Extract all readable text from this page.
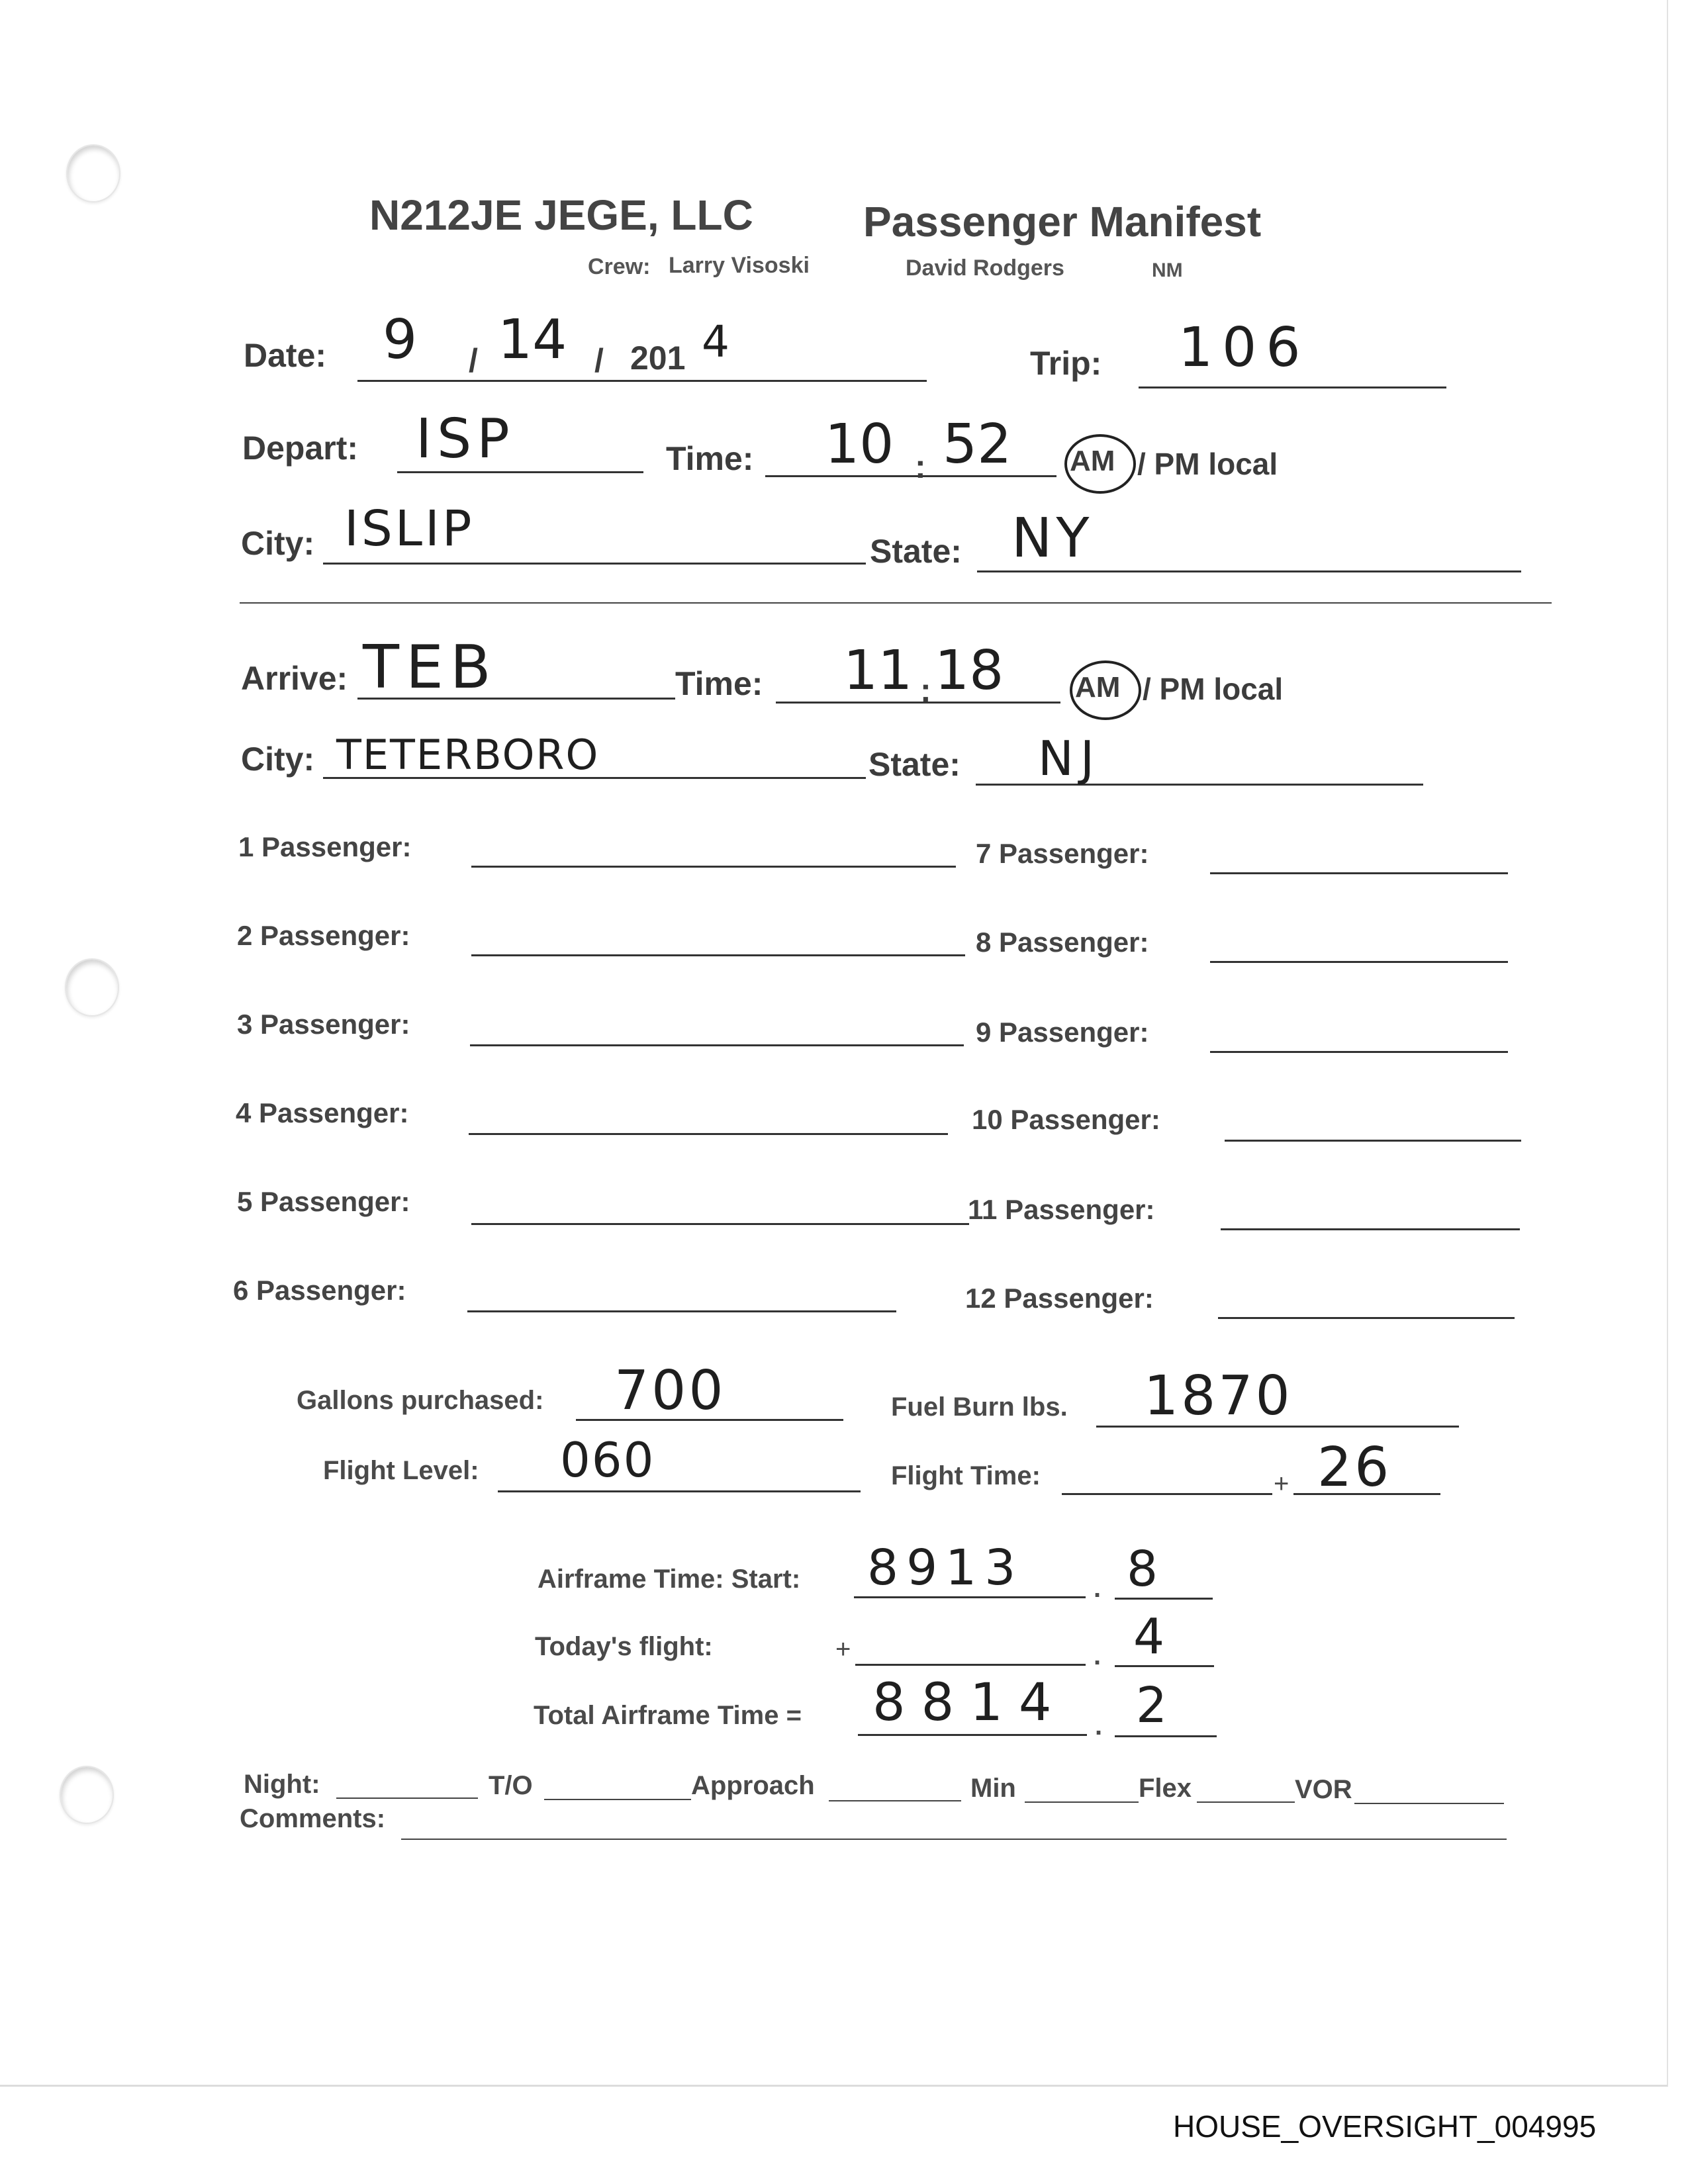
N212JE JEGE, LLC	Passenger Manifest
Crew: Larry Visoski	David Rodgers	NM
Date: 9 / 14 / 201 4	Trip: 106
Depart: ISP	Time: 10 : 52 AM / PM local
City: ISLIP	State: NY
Arrive: TEB	Time: 11 : 18 AM / PM local
City: TETERBORO	State: NJ
1 Passenger:
2 Passenger:
3 Passenger:
4 Passenger:
5 Passenger:
6 Passenger:
7 Passenger:
8 Passenger:
9 Passenger:
10 Passenger:
11 Passenger:
12 Passenger:
Gallons purchased: 700	Fuel Burn lbs. 1870
Flight Level: 060	Flight Time:	+ 26
Airframe Time: Start: 8913	. 8
Today's flight:	+	. 4
Total Airframe Time = 8814 . 2
Night:	T/O	Approach	Min	Flex	VOR
Comments:
HOUSE_OVERSIGHT_004995
